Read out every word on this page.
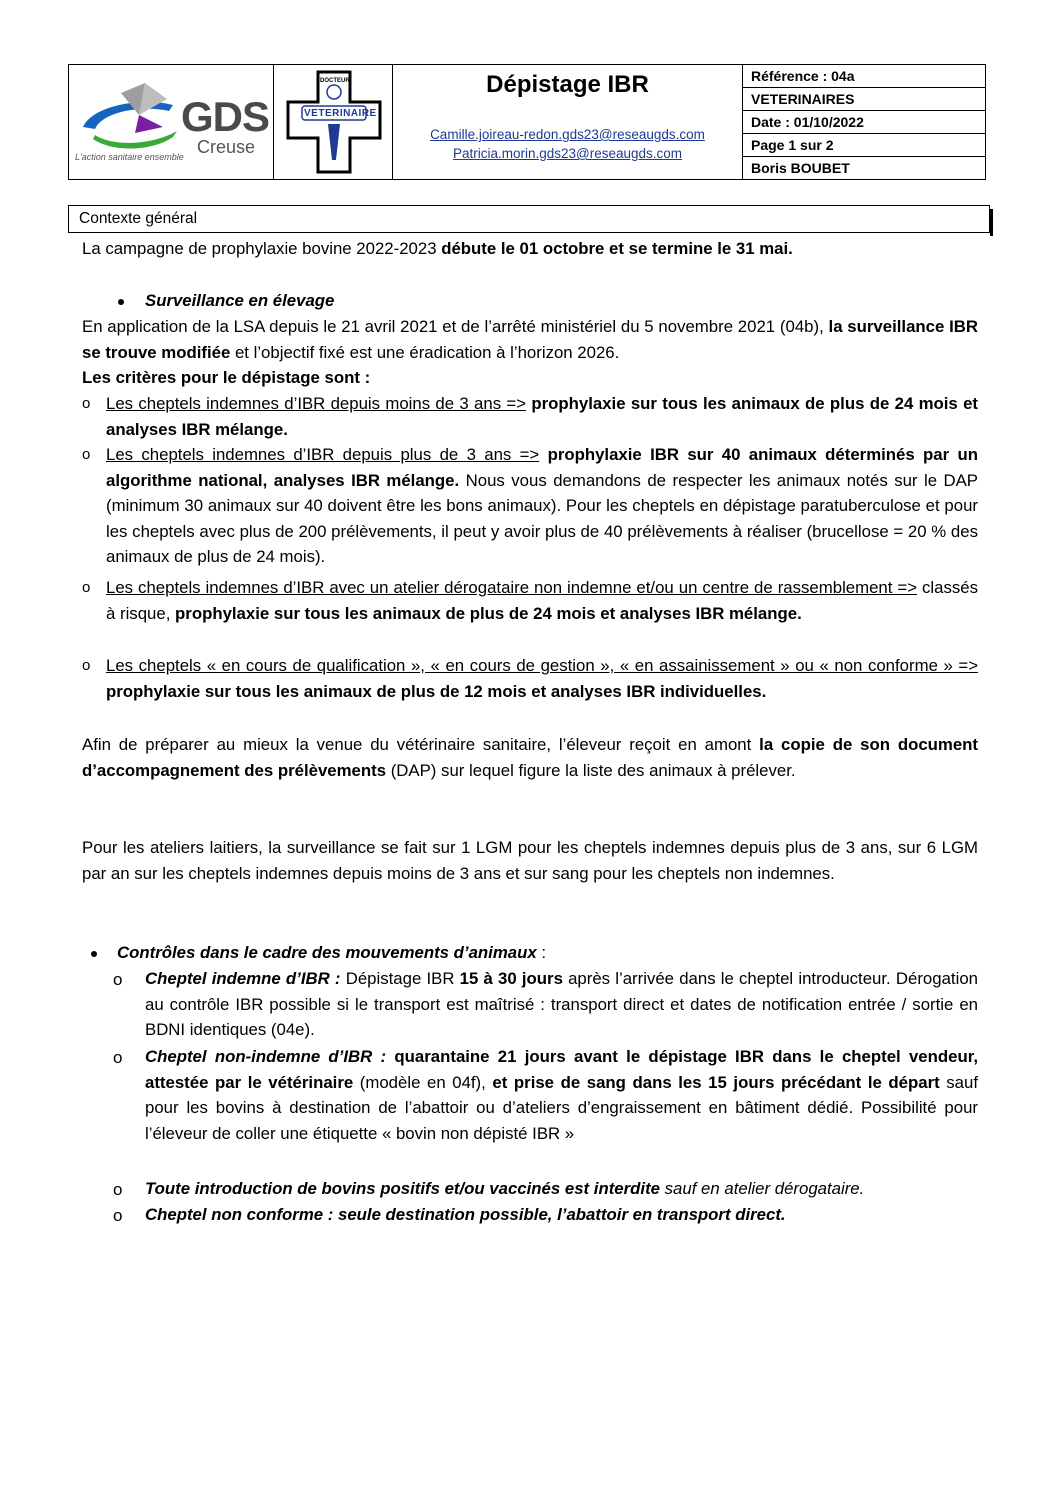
GDS
Creuse
L'action sanitaire ensemble
DOCTEUR
VETERINAIRE
Dépistage IBR
Camille.joireau-redon.gds23@reseaugds.com
Patricia.morin.gds23@reseaugds.com
Référence : 04a
VETERINAIRES
Date : 01/10/2022
Page 1 sur 2
Boris BOUBET
Contexte général
La campagne de prophylaxie bovine 2022-2023 débute le 01 octobre et se termine le 31 mai.
Surveillance en élevage
En application de la LSA depuis le 21 avril 2021 et de l’arrêté ministériel du 5 novembre 2021 (04b), la surveillance IBR se trouve modifiée et l’objectif fixé est une éradication à l’horizon 2026.
Les critères pour le dépistage sont :
o Les cheptels indemnes d’IBR depuis moins de 3 ans => prophylaxie sur tous les animaux de plus de 24 mois et analyses IBR mélange.
o Les cheptels indemnes d’IBR depuis plus de 3 ans => prophylaxie IBR sur 40 animaux déterminés par un algorithme national, analyses IBR mélange. Nous vous demandons de respecter les animaux notés sur le DAP (minimum 30 animaux sur 40 doivent être les bons animaux). Pour les cheptels en dépistage paratuberculose et pour les cheptels avec plus de 200 prélèvements, il peut y avoir plus de 40 prélèvements à réaliser (brucellose = 20 % des animaux de plus de 24 mois).
o Les cheptels indemnes d’IBR avec un atelier dérogataire non indemne et/ou un centre de rassemblement => classés à risque, prophylaxie sur tous les animaux de plus de 24 mois et analyses IBR mélange.
o Les cheptels « en cours de qualification », « en cours de gestion », « en assainissement » ou « non conforme » => prophylaxie sur tous les animaux de plus de 12 mois et analyses IBR individuelles.
Afin de préparer au mieux la venue du vétérinaire sanitaire, l’éleveur reçoit en amont la copie de son document d’accompagnement des prélèvements (DAP) sur lequel figure la liste des animaux à prélever.
Pour les ateliers laitiers, la surveillance se fait sur 1 LGM pour les cheptels indemnes depuis plus de 3 ans, sur 6 LGM par an sur les cheptels indemnes depuis moins de 3 ans et sur sang pour les cheptels non indemnes.
Contrôles dans le cadre des mouvements d’animaux :
o Cheptel indemne d’IBR : Dépistage IBR 15 à 30 jours après l’arrivée dans le cheptel introducteur. Dérogation au contrôle IBR possible si le transport est maîtrisé : transport direct et dates de notification entrée / sortie en BDNI identiques (04e).
o Cheptel non-indemne d’IBR : quarantaine 21 jours avant le dépistage IBR dans le cheptel vendeur, attestée par le vétérinaire (modèle en 04f), et prise de sang dans les 15 jours précédant le départ sauf pour les bovins à destination de l’abattoir ou d’ateliers d’engraissement en bâtiment dédié. Possibilité pour l’éleveur de coller une étiquette « bovin non dépisté IBR »
o Toute introduction de bovins positifs et/ou vaccinés est interdite sauf en atelier dérogataire.
o Cheptel non conforme : seule destination possible, l’abattoir en transport direct.
